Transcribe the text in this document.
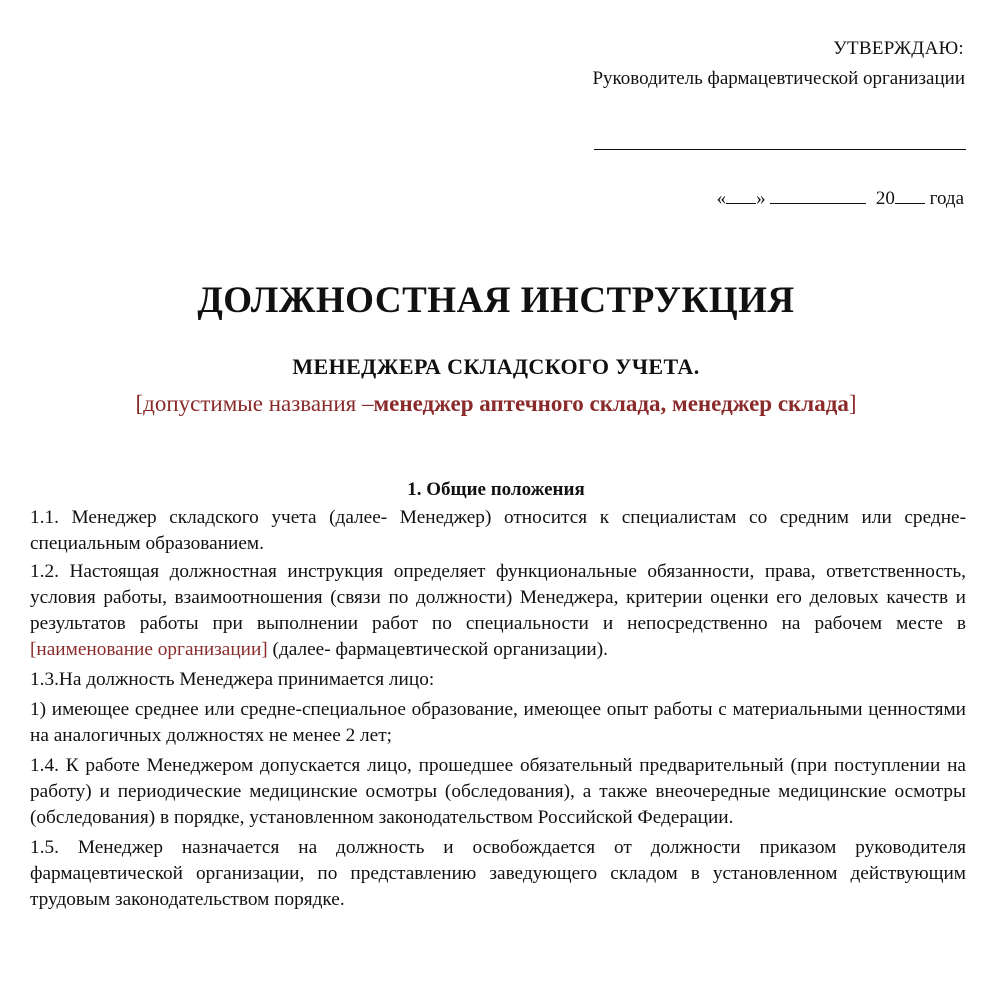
УТВЕРЖДАЮ:
Руководитель фармацевтической организации
« »	20 года
ДОЛЖНОСТНАЯ ИНСТРУКЦИЯ
МЕНЕДЖЕРА СКЛАДСКОГО УЧЕТА.
[допустимые названия –менеджер аптечного склада, менеджер склада]
1. Общие положения

1.1. Менеджер складского учета (далее- Менеджер) относится к специалистам со средним или средне-специальным образованием.

1.2. Настоящая должностная инструкция определяет функциональные обязанности, права, ответственность, условия работы, взаимоотношения (связи по должности) Менеджера, критерии оценки его деловых качеств и результатов работы при выполнении работ по специальности и непосредственно на рабочем месте в [наименование организации] (далее- фармацевтической организации).

1.3.На должность Менеджера принимается лицо:

1) имеющее среднее или средне-специальное образование, имеющее опыт работы с материальными ценностями на аналогичных должностях не менее 2 лет;

1.4. К работе Менеджером допускается лицо, прошедшее обязательный предварительный (при поступлении на работу) и периодические медицинские осмотры (обследования), а также внеочередные медицинские осмотры (обследования) в порядке, установленном законодательством Российской Федерации.

1.5. Менеджер назначается на должность и освобождается от должности приказом руководителя фармацевтической организации, по представлению заведующего складом в установленном действующим трудовым законодательством порядке.
